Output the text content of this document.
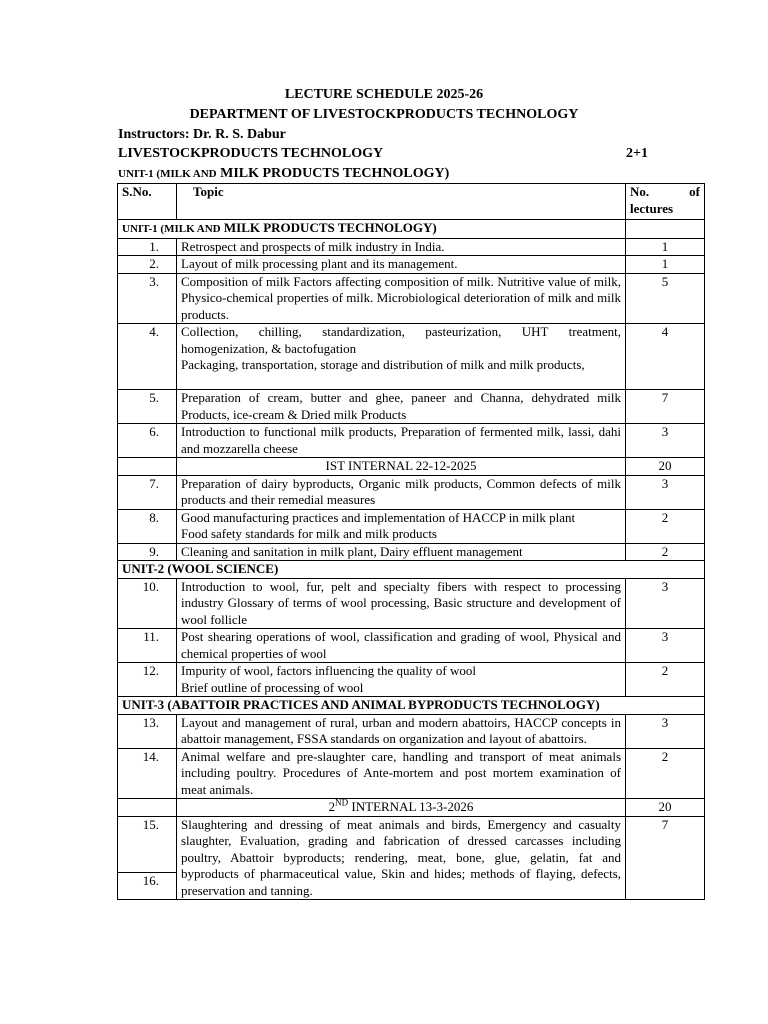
LECTURE SCHEDULE 2025-26
DEPARTMENT OF LIVESTOCKPRODUCTS TECHNOLOGY
Instructors: Dr. R. S. Dabur
LIVESTOCKPRODUCTS TECHNOLOGY	2+1
UNIT-1 (MILK AND MILK PRODUCTS TECHNOLOGY)
S.No.	Topic	No. of
lectures

UNIT-1 (MILK AND MILK PRODUCTS TECHNOLOGY)		
1.	Retrospect and prospects of milk industry in India.	1
2.	Layout of milk processing plant and its management.	1
3.	Composition of milk Factors affecting composition of milk. Nutritive value of milk, Physico-chemical properties of milk. Microbiological deterioration of milk and milk products.	5
4.	Collection, chilling, standardization, pasteurization, UHT treatment, homogenization, & bactofugation
Packaging, transportation, storage and distribution of milk and milk products,	4
5.	Preparation of cream, butter and ghee, paneer and Channa, dehydrated milk Products, ice-cream & Dried milk Products	7
6.	Introduction to functional milk products, Preparation of fermented milk, lassi, dahi and mozzarella cheese	3
	IST INTERNAL 22-12-2025	20
7.	Preparation of dairy byproducts, Organic milk products, Common defects of milk products and their remedial measures	3
8.	Good manufacturing practices and implementation of HACCP in milk plant
Food safety standards for milk and milk products	2
9.	Cleaning and sanitation in milk plant, Dairy effluent management	2
UNIT-2 (WOOL SCIENCE)		
10.	Introduction to wool, fur, pelt and specialty fibers with respect to processing industry Glossary of terms of wool processing, Basic structure and development of wool follicle	3
11.	Post shearing operations of wool, classification and grading of wool, Physical and chemical properties of wool	3
12.	Impurity of wool, factors influencing the quality of wool
Brief outline of processing of wool	2
UNIT-3 (ABATTOIR PRACTICES AND ANIMAL BYPRODUCTS TECHNOLOGY)		
13.	Layout and management of rural, urban and modern abattoirs, HACCP concepts in abattoir management, FSSA standards on organization and layout of abattoirs.	3
14.	Animal welfare and pre-slaughter care, handling and transport of meat animals including poultry. Procedures of Ante-mortem and post mortem examination of meat animals.	2
	2ND INTERNAL 13-3-2026	20
15.	Slaughtering and dressing of meat animals and birds, Emergency and casualty slaughter, Evaluation, grading and fabrication of dressed carcasses including poultry, Abattoir byproducts; rendering, meat, bone, glue, gelatin, fat and byproducts of pharmaceutical value, Skin and hides; methods of flaying, defects, preservation and tanning.	7
16.		
